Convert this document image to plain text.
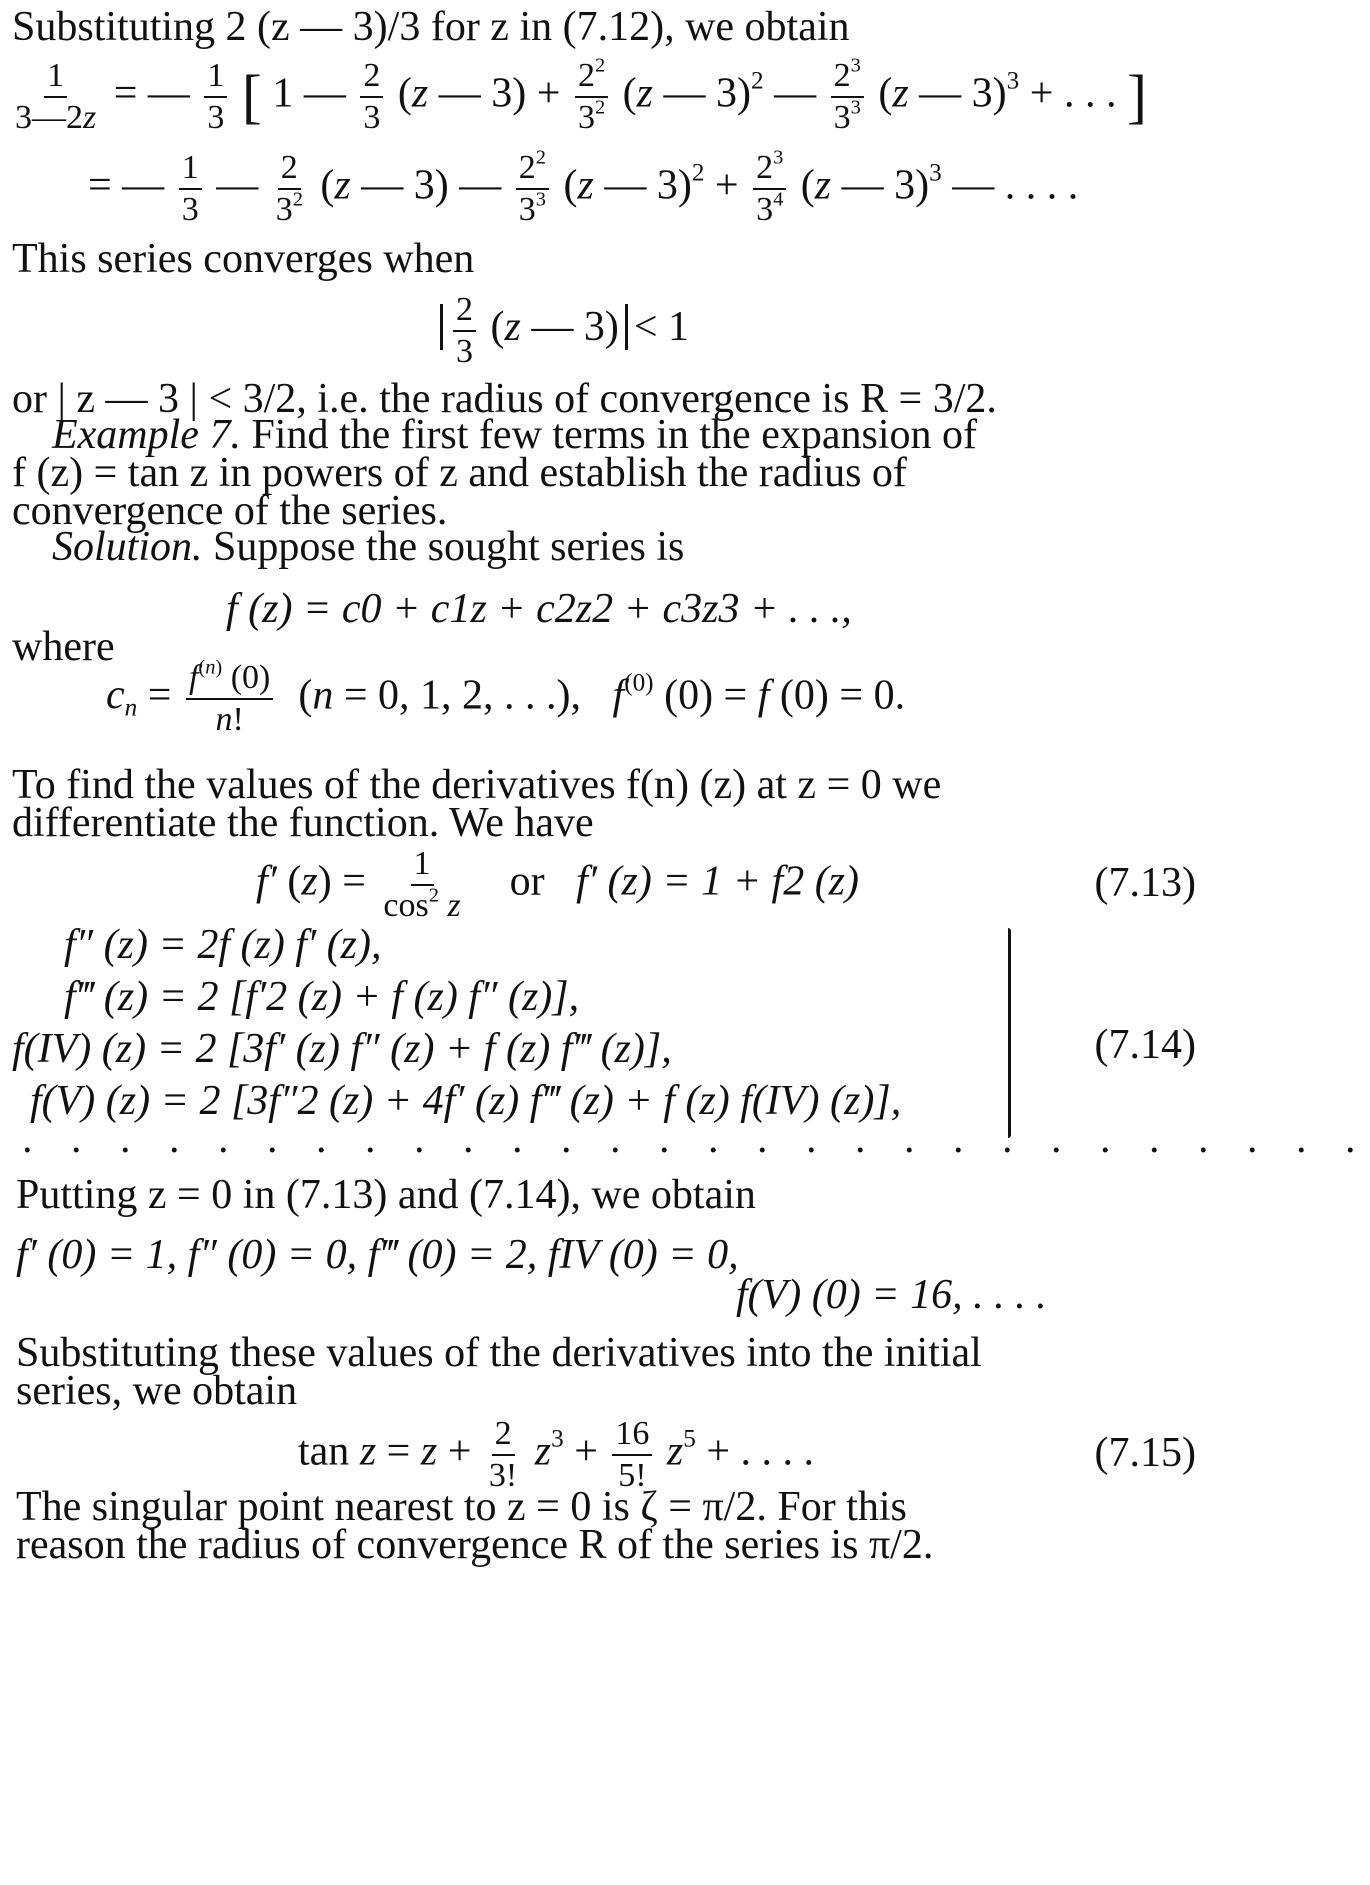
Substituting 2 (z — 3)/3 for z in (7.12), we obtain
$\frac{1}{3—2z}$ = — $\frac{1}{3}$ [ 1 — $\frac{2}{3} (z$ — $3) + \frac{2^2}{3^2} (z$ — 3)$^2$ — $\frac{2^3}{3^3} (z$ — 3)$^3$ + . . . ]
= — $\frac{1}{3}$ — $\frac{2}{3^2} (z$ — 3) — $\frac{2^2}{3^3} (z$ — $3)^2 + \frac{2^3}{3^4} (z$ — 3)$^3$ — . . . .
This series converges when
$\frac{2}{3} (z$ — 3) < 1
or | z — 3 | < 3/2, i.e. the radius of convergence is R = 3/2.
Example 7. Find the first few terms in the expansion of
f (z) = tan z in powers of z and establish the radius of
convergence of the series.
Solution. Suppose the sought series is
f (z) = c0 + c1z + c2z2 + c3z3 + . . .,
where
$c_n = \frac{f^{(n)} (0)}{n!} (n = 0$, 1, 2, . . .),   $f^{(0)}$ (0) = f (0) = 0.
To find the values of the derivatives f(n) (z) at z = 0 we
differentiate the function. We have
f′ $(z) = \frac{1}{\cos^2 z}$ or f′ (z) = 1 + f2 (z)	(7.13)
f″ (z) = 2f (z) f′ (z),
f‴ (z) = 2 [f′2 (z) + f (z) f″ (z)],
f(IV) (z) = 2 [3f′ (z) f″ (z) + f (z) f‴ (z)],
f(V) (z) = 2 [3f″2 (z) + 4f′ (z) f‴ (z) + f (z) f(IV) (z)],
. . . . . . . . . . . . . . . . . . . . . . . . . . . .
(7.14)
Putting z = 0 in (7.13) and (7.14), we obtain
f′ (0) = 1, f″ (0) = 0, f‴ (0) = 2, fIV (0) = 0,
f(V) (0) = 16, . . . .
Substituting these values of the derivatives into the initial
series, we obtain
$\tan z = z + \frac{2}{3!} z^3 + \frac{16}{5!} z^5$ + . . . .	(7.15)
The singular point nearest to z = 0 is ζ = π/2. For this
reason the radius of convergence R of the series is π/2.
